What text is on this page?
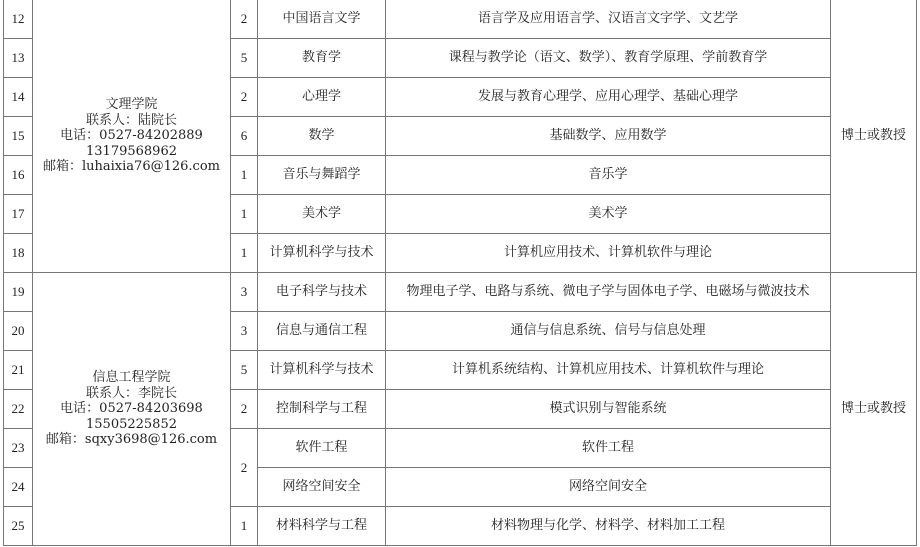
12	文理学院
联系人：陆院长
电话：0527-84202889
13179568962
邮箱：luhaixia76@126.com	2	中国语言文学	语言学及应用语言学、汉语言文字学、文艺学	博士或教授
13		5	教育学	课程与教学论（语文、数学）、教育学原理、学前教育学	
14		2	心理学	发展与教育心理学、应用心理学、基础心理学	
15		6	数学	基础数学、应用数学	
16		1	音乐与舞蹈学	音乐学	
17		1	美术学	美术学	
18		1	计算机科学与技术	计算机应用技术、计算机软件与理论	
19	信息工程学院
联系人：李院长
电话：0527-84203698
15505225852
邮箱：sqxy3698@126.com	3	电子科学与技术	物理电子学、电路与系统、微电子学与固体电子学、电磁场与微波技术	博士或教授
20		3	信息与通信工程	通信与信息系统、信号与信息处理	
21		5	计算机科学与技术	计算机系统结构、计算机应用技术、计算机软件与理论	
22		2	控制科学与工程	模式识别与智能系统	
23		2	软件工程	软件工程	
24			网络空间安全	网络空间安全	
25		1	材料科学与工程	材料物理与化学、材料学、材料加工工程	
